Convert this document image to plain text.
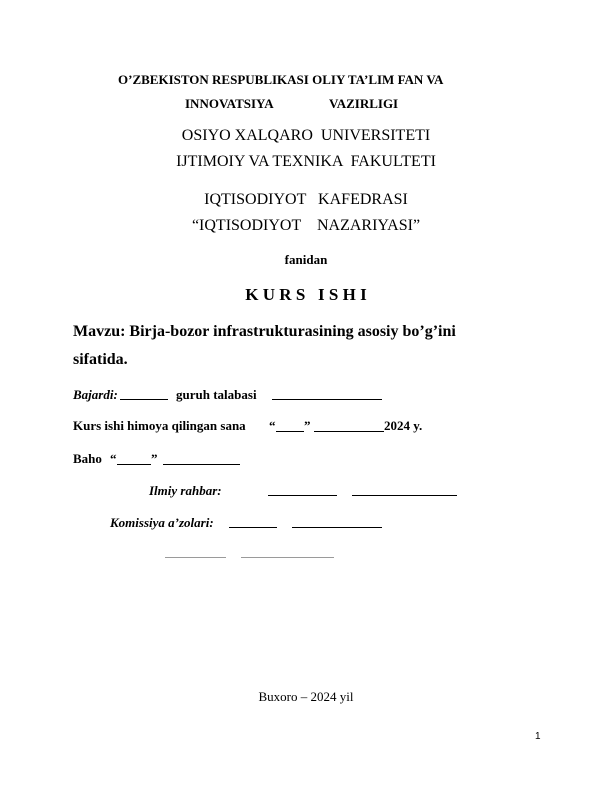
O’ZBEKISTON RESPUBLIKASI OLIY TA’LIM FAN VA
INNOVATSIYA	VAZIRLIGI
OSIYO XALQARO  UNIVERSITETI
IJTIMOIY VA TEXNIKA  FAKULTETI
IQTISODIYOT   KAFEDRASI
“IQTISODIYOT    NAZARIYASI”
fanidan
K U R S   I S H I
Mavzu: Birja-bozor infrastrukturasining asosiy bo’g’ini
sifatida.
Bajardi:	guruh talabasi
Kurs ishi himoya qilingan sana “ ”	2024 y.
Baho “	”
Ilmiy rahbar:
Komissiya a’zolari:
Buxoro – 2024 yil
1
